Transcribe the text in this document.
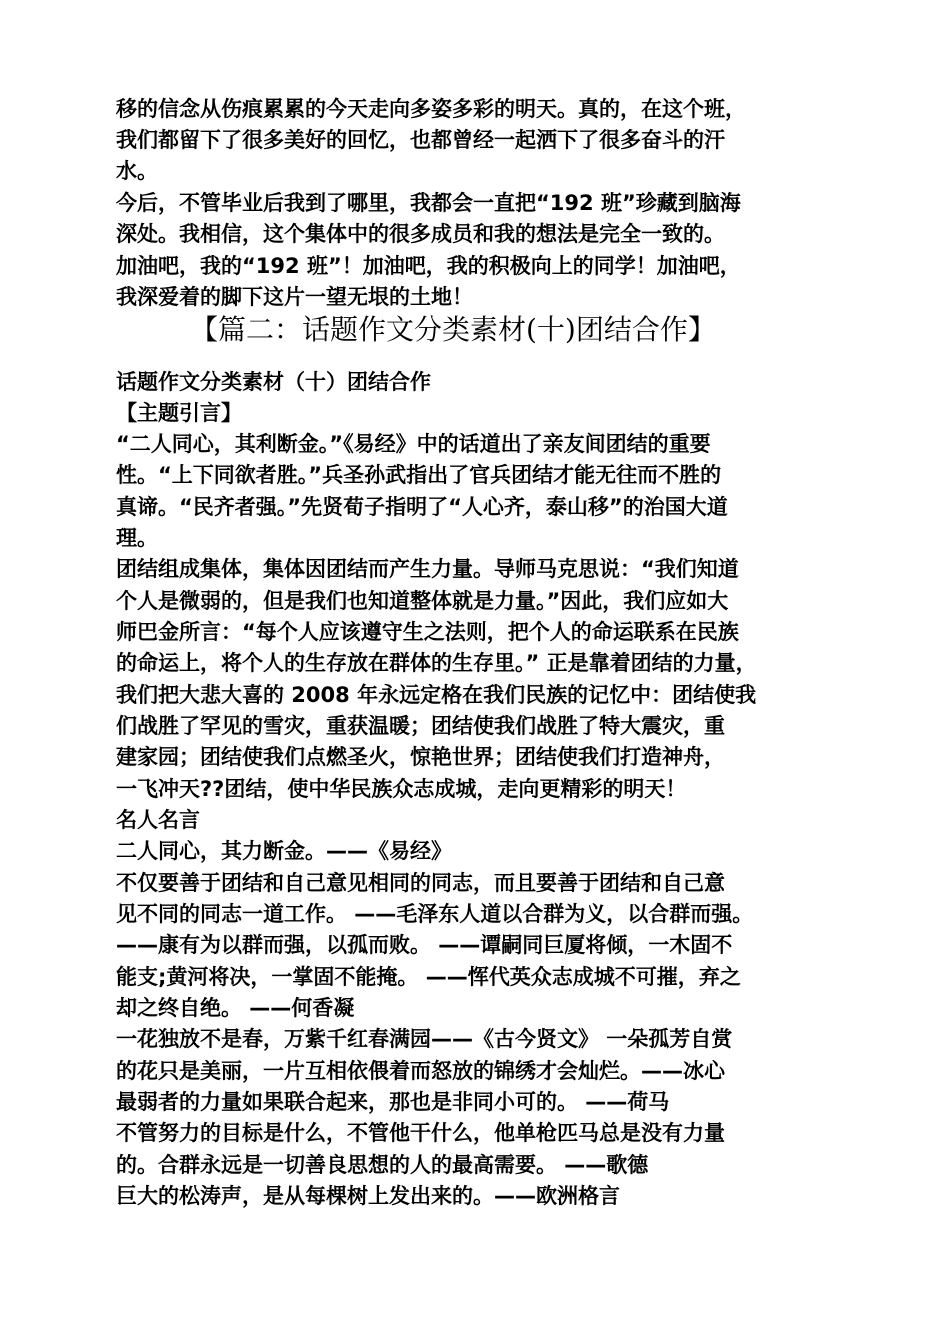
移的信念从伤痕累累的今天走向多姿多彩的明天。真的，在这个班，
我们都留下了很多美好的回忆，也都曾经一起洒下了很多奋斗的汗
水。
今后，不管毕业后我到了哪里，我都会一直把“192 班”珍藏到脑海
深处。我相信，这个集体中的很多成员和我的想法是完全一致的。
加油吧，我的“192 班”！加油吧，我的积极向上的同学！加油吧，
我深爱着的脚下这片一望无垠的土地！
【篇二：话题作文分类素材(十)团结合作】
话题作文分类素材（十）团结合作
【主题引言】
“二人同心，其利断金。”《易经》中的话道出了亲友间团结的重要
性。“上下同欲者胜。”兵圣孙武指出了官兵团结才能无往而不胜的
真谛。“民齐者强。”先贤荀子指明了“人心齐，泰山移”的治国大道
理。
团结组成集体，集体因团结而产生力量。导师马克思说：“我们知道
个人是微弱的，但是我们也知道整体就是力量。”因此，我们应如大
师巴金所言：“每个人应该遵守生之法则，把个人的命运联系在民族
的命运上，将个人的生存放在群体的生存里。” 正是靠着团结的力量，
我们把大悲大喜的 2008 年永远定格在我们民族的记忆中：团结使我
们战胜了罕见的雪灾，重获温暖；团结使我们战胜了特大震灾，重
建家园；团结使我们点燃圣火，惊艳世界；团结使我们打造神舟，
一飞冲天??团结，使中华民族众志成城，走向更精彩的明天！
名人名言
二人同心，其力断金。——《易经》
不仅要善于团结和自己意见相同的同志，而且要善于团结和自己意
见不同的同志一道工作。 ——毛泽东人道以合群为义，以合群而强。
——康有为以群而强，以孤而败。 ——谭嗣同巨厦将倾，一木固不
能支;黄河将决，一掌固不能掩。 ——恽代英众志成城不可摧，弃之
却之终自绝。 ——何香凝
一花独放不是春，万紫千红春满园——《古今贤文》 一朵孤芳自赏
的花只是美丽，一片互相依偎着而怒放的锦绣才会灿烂。——冰心
最弱者的力量如果联合起来，那也是非同小可的。 ——荷马
不管努力的目标是什么，不管他干什么，他单枪匹马总是没有力量
的。合群永远是一切善良思想的人的最高需要。 ——歌德
巨大的松涛声，是从每棵树上发出来的。——欧洲格言
